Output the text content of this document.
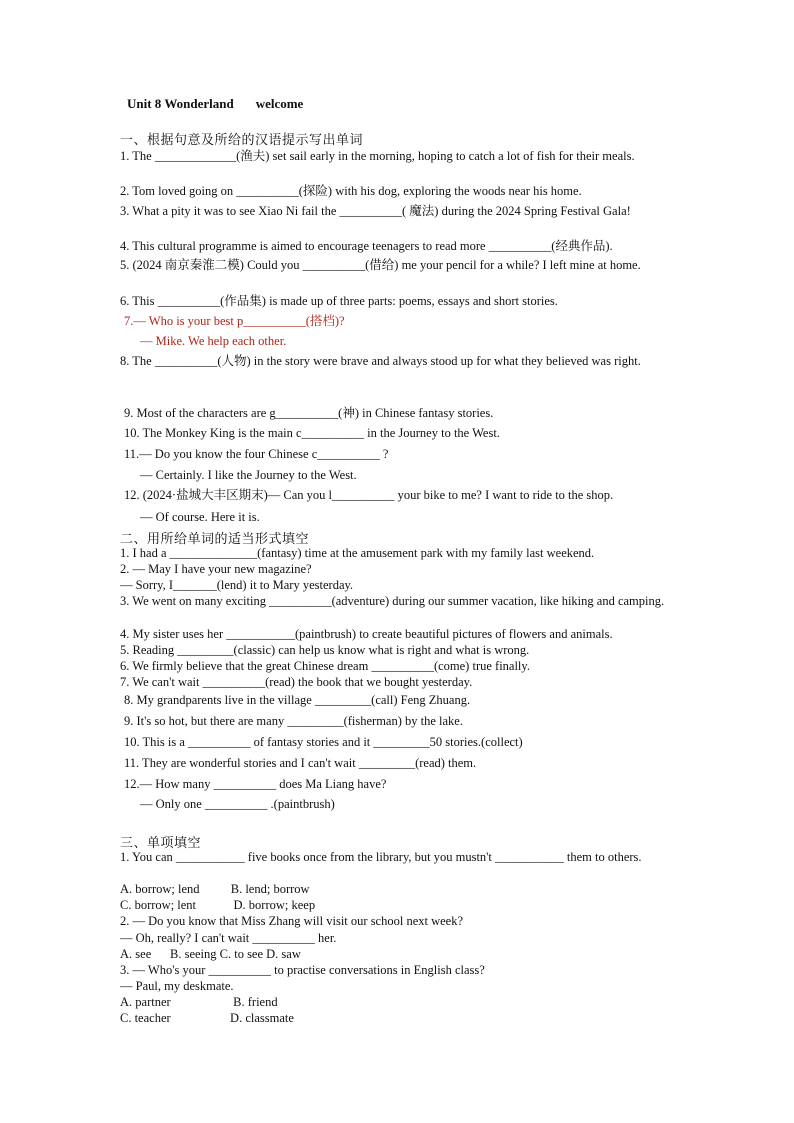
Unit 8 Wonderland welcome
一、根据句意及所给的汉语提示写出单词
1. The _____________(渔夫) set sail early in the morning, hoping to catch a lot of fish for their meals.
2. Tom loved going on __________(探险) with his dog, exploring the woods near his home.
3. What a pity it was to see Xiao Ni fail the __________( 魔法) during the 2024 Spring Festival Gala!
4. This cultural programme is aimed to encourage teenagers to read more __________(经典作品).
5. (2024 南京秦淮二模) Could you __________(借给) me your pencil for a while? I left mine at home.
6. This __________(作品集) is made up of three parts: poems, essays and short stories.
7.— Who is your best p__________(搭档)?
— Mike. We help each other.
8. The __________(人物) in the story were brave and always stood up for what they believed was right.
9. Most of the characters are g__________(神) in Chinese fantasy stories.
10. The Monkey King is the main c__________ in the Journey to the West.
11.— Do you know the four Chinese c__________ ?
— Certainly. I like the Journey to the West.
12. (2024·盐城大丰区期末)— Can you l__________ your bike to me? I want to ride to the shop.
— Of course. Here it is.
二、用所给单词的适当形式填空
1. I had a ______________(fantasy) time at the amusement park with my family last weekend.
2. — May I have your new magazine?
— Sorry, I_______(lend) it to Mary yesterday.
3. We went on many exciting __________(adventure) during our summer vacation, like hiking and camping.
4. My sister uses her ___________(paintbrush) to create beautiful pictures of flowers and animals.
5. Reading _________(classic) can help us know what is right and what is wrong.
6. We firmly believe that the great Chinese dream __________(come) true finally.
7. We can't wait __________(read) the book that we bought yesterday.
8. My grandparents live in the village _________(call) Feng Zhuang.
9. It's so hot, but there are many _________(fisherman) by the lake.
10. This is a __________ of fantasy stories and it _________50 stories.(collect)
11. They are wonderful stories and I can't wait _________(read) them.
12.— How many __________ does Ma Liang have?
— Only one __________ .(paintbrush)
三、单项填空
1. You can ___________ five books once from the library, but you mustn't ___________ them to others.
A. borrow; lend          B. lend; borrow
C. borrow; lent            D. borrow; keep
2. — Do you know that Miss Zhang will visit our school next week?
— Oh, really? I can't wait __________ her.
A. see      B. seeing C. to see D. saw
3. — Who's your __________ to practise conversations in English class?
— Paul, my deskmate.
A. partner                    B. friend
C. teacher                   D. classmate
